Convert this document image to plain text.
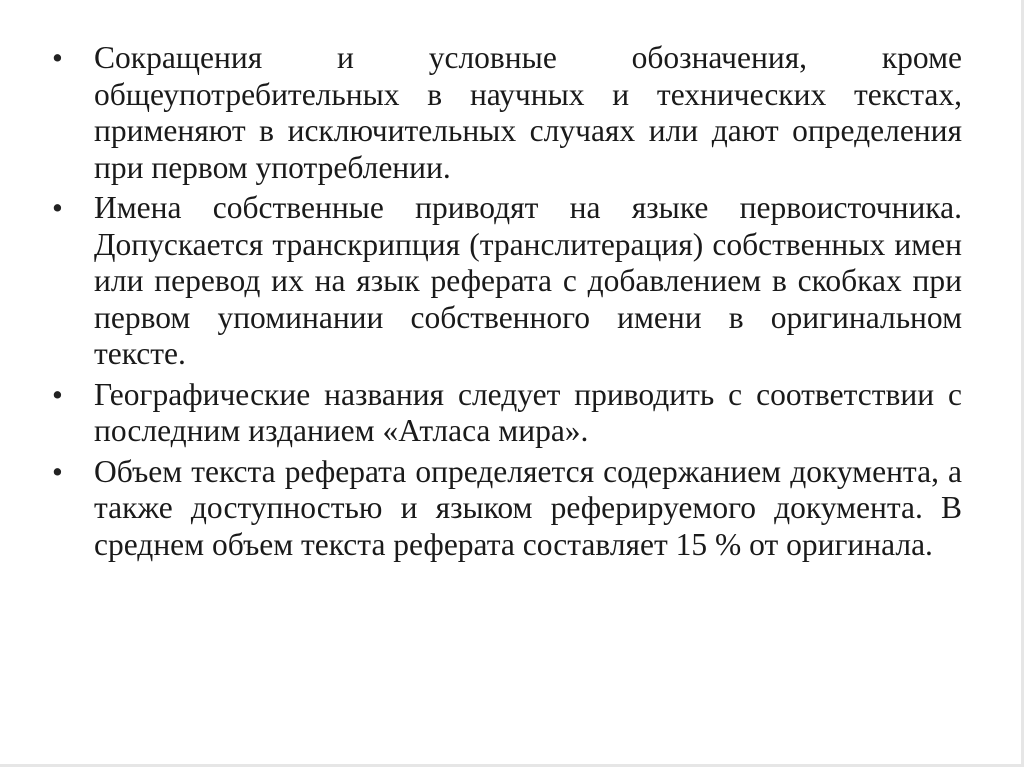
• Сокращения и условные обозначения, кроме общеупотребительных в научных и технических текстах, применяют в исключительных случаях или дают определения при первом употреблении.

• Имена собственные приводят на языке первоисточника. Допускается транскрипция (транслитерация) собственных имен или перевод их на язык реферата с добавлением в скобках при первом упоминании собственного имени в оригинальном тексте.

• Географические названия следует приводить с соответствии с последним изданием «Атласа мира».

• Объем текста реферата определяется содержанием документа, а также доступностью и языком реферируемого документа. В среднем объем текста реферата составляет 15 % от оригинала.
